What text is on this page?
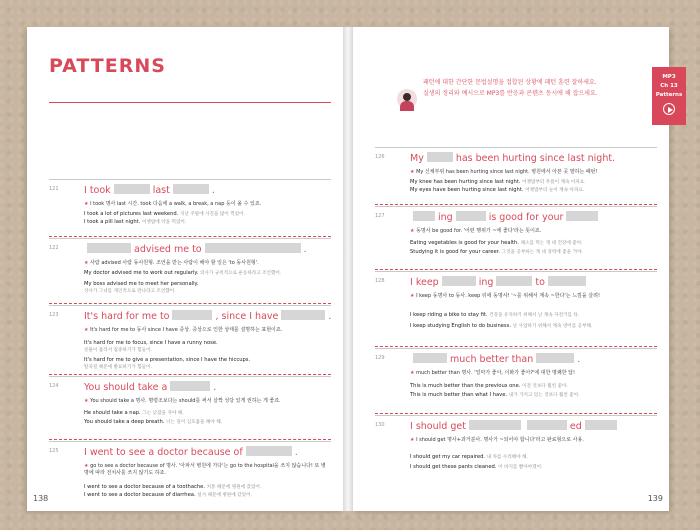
PATTERNS
121	I took	last	.
★ I took 명사 last 시간. took 다음에 a walk, a break, a nap 등이 올 수 있죠.
I took a lot of pictures last weekend. 지난 주말에 사진을 많이 찍었어.
I took a pill last night. 어젯밤에 약을 먹었어.
122	advised me to	.
★ 사람 advised 사람 동사원형. 조언을 받는 사람이 해야 할 일은 'to 동사원형'.
My doctor advised me to work out regularly. 의사가 규칙적으로 운동하라고 조언했어.
My boss advised me to meet her personally.
상사가 그녀를 개인적으로 만나라고 조언했어.
123	It's hard for me to	, since I have	.
★ It's hard for me to 동사 since I have 증상. 증상으로 인한 상태를 설명하는 표현이죠.
It's hard for me to focus, since I have a runny nose.
콧물이 흘러서 집중하기가 힘들어.
It's hard for me to give a presentation, since I have the hiccups.
딸꾹질 때문에 발표하기가 힘들어.
124	You should take a	.
★ You should take a 명사. 명령조보다는 should를 써서 살짝 성당 있게 권하는 게 좋죠.
He should take a nap. 그는 낮잠을 자야 해.
You should take a deep breath. 너는 깊이 심호흡을 해야 해.
125	I went to see a doctor because of	.
★ go to see a doctor because of 명사. '아파서 병원에 가다'는 go to the hospital을 쓰지 않습니다! 또 병명에 따라 전치사를 쓰지 않기도 하죠.
I went to see a doctor because of a toothache. 치통 때문에 병원에 갔었어.
I went to see a doctor because of diarrhea. 설사 때문에 병원에 갔었어.
138
패턴에 대한 간단한 문법설명을 접합된 상황에 패턴 훈련 잘하세요.
실생의 정리와 예시으로 MP3를 반응과 콘텐츠 동시에 해 잡으세요.
MP3
Ch 13
Patterns
126	My	has been hurting since last night.
★ My 신체부위 has been hurting since last night. 병원에서 아픈 곳 말하는 패턴!
My knee has been hurting since last night. 어젯밤부터 무릎이 계속 아파요.
My eyes have been hurting since last night. 어젯밤부터 눈이 계속 아파요.
127	ing	is good for your
★ 동명사 be good for. '어떤 행위가 ~에 좋다'라는 뜻이죠.
Eating vegetables is good for your health. 채소를 먹는 게 네 건강에 좋아.
Studying it is good for your career. 그것을 공부하는 게 네 경력에 좋을 거야.
128	I keep	ing	to
★ I keep 동명사 to 동사. keep 뒤에 동명사! '~를 위해서 계속 ~한다'는 느낌을 살려!
I keep riding a bike to stay fit. 건강을 유지하기 위해서 난 계속 자전거를 타.
I keep studying English to do business. 난 사업하기 위해서 계속 영어를 공부해.
129	much better than	.
★ much better than 명사. '얼마가 좋아, 이봐가 좋아?'에 대한 명쾌한 답!
This is much better than the previous one. 이전 것보다 훨씬 좋아.
This is much better than what I have. 내가 가지고 있는 것보다 훨씬 좋아.
130	I should get	ed
★ I should get 명사+과거분사. 명사가 ~되어야 합니다'라고 완료형으로 사용.
I should get my car repaired. 내 차를 수리해야 해.
I should get these pants cleaned. 이 바지를 빨아야겠어.
139
